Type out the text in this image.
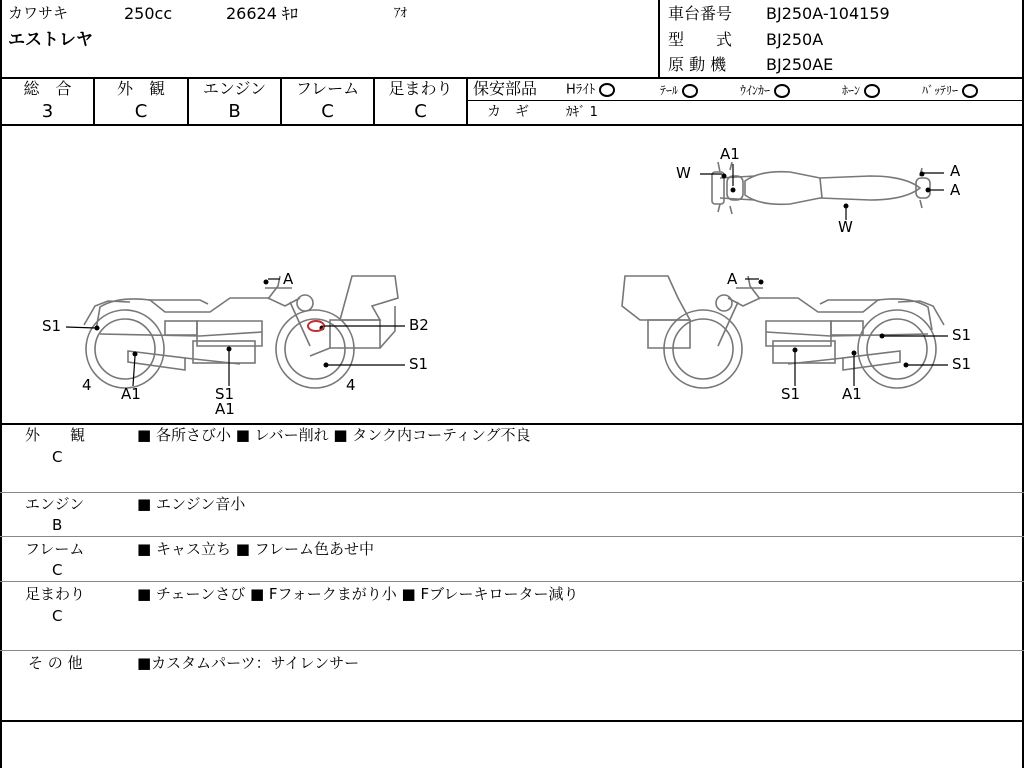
カワサキ	250cc	26624 ｷﾛ	ｱｵ
エストレヤ
車台番号 BJ250A-104159
型　　式 BJ250A
原 動 機 BJ250AE
総　合
3
外　観
C
エンジン
B
フレーム
C
足まわり
C
保安部品 Hﾗｲﾄ	ﾃｰﾙ	ｳｲﾝｶｰ	ﾎｰﾝ	ﾊﾞｯﾃﾘｰ
カ　ギ	ｶｷﾞ 1
S1
A
B2
S1
4 A1	S1
A1
4
A
S1
S1
S1	A1
A1
W	A
A
W
外　　観
C
■ 各所さび小 ■ レバー削れ ■ タンク内コーティング不良
エンジン
B
■ エンジン音小
フレーム
C
■ キャス立ち ■ フレーム色あせ中
足まわり
C
■ チェーンさび ■ Fフォークまがり小 ■ Fブレーキローター減り
そ の 他	■カスタムパーツ：サイレンサー
